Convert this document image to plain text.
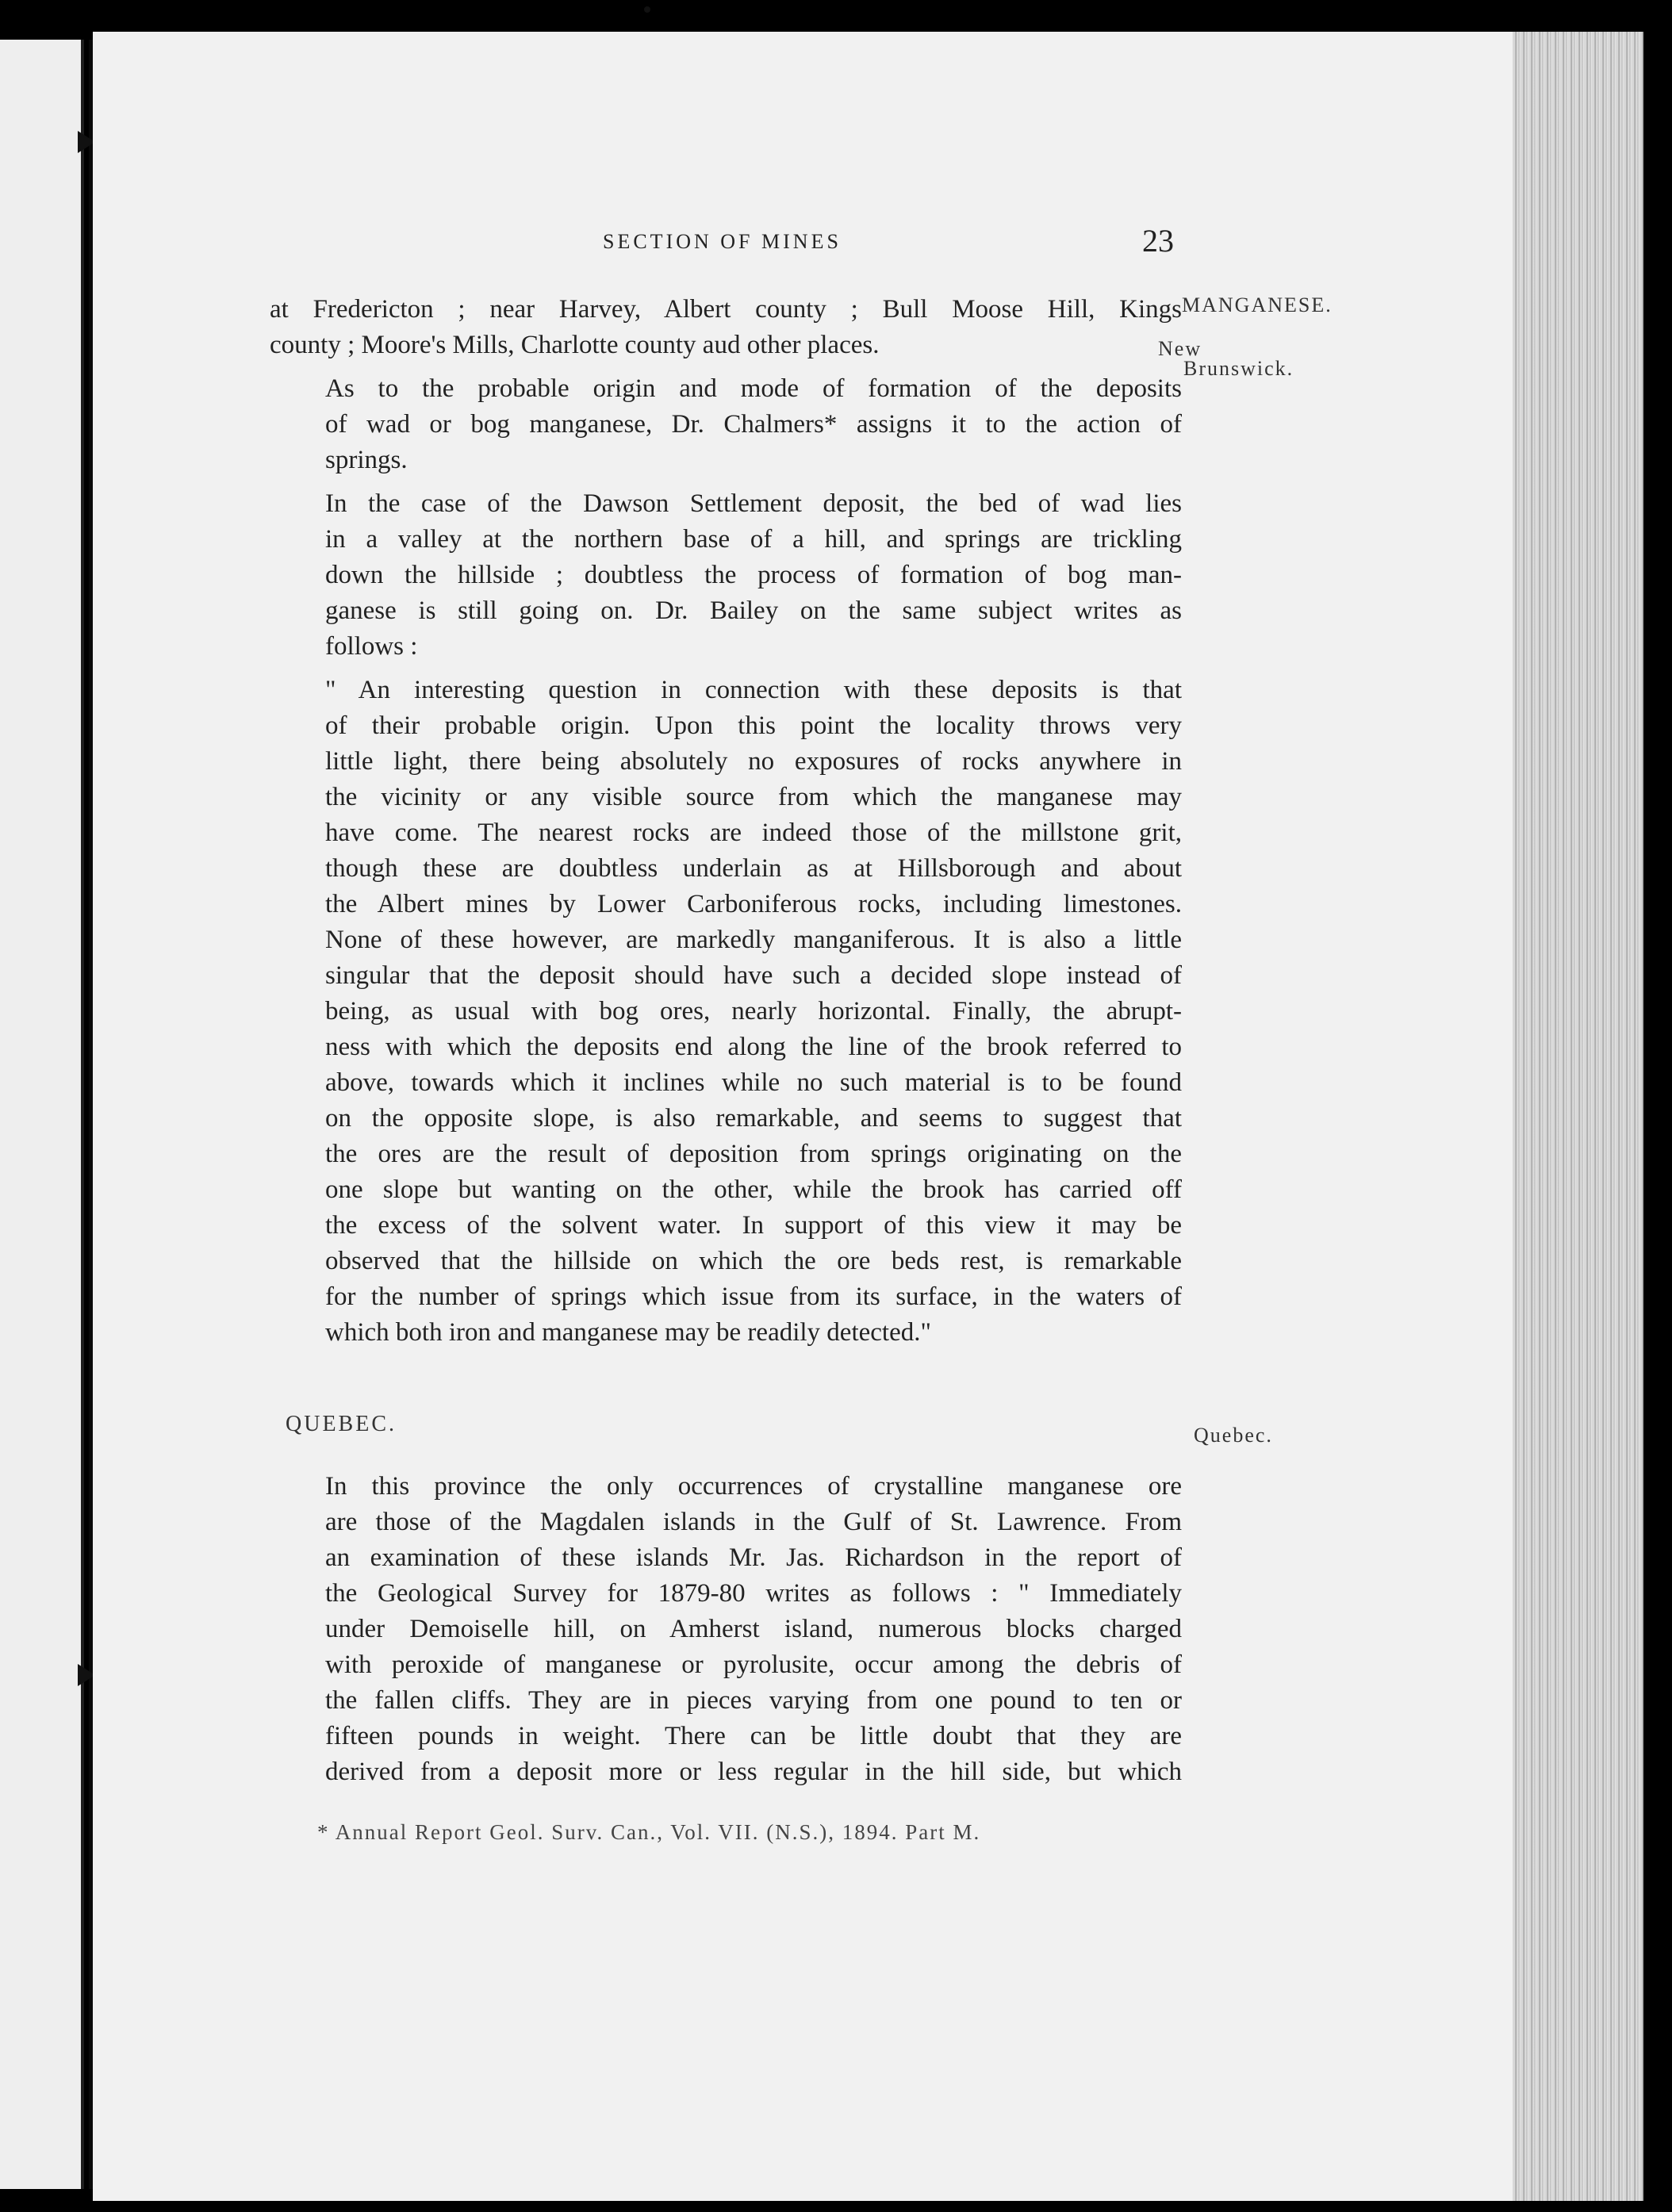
SECTION OF MINES	23
MANGANESE.
New
Brunswick.
Quebec.
at Fredericton ; near Harvey, Albert county ; Bull Moose Hill, Kings
county ; Moore's Mills, Charlotte county aud other places.
As to the probable origin and mode of formation of the deposits
of wad or bog manganese, Dr. Chalmers* assigns it to the action of
springs.
In the case of the Dawson Settlement deposit, the bed of wad lies
in a valley at the northern base of a hill, and springs are trickling
down the hillside ; doubtless the process of formation of bog man-
ganese is still going on. Dr. Bailey on the same subject writes as
follows :
" An interesting question in connection with these deposits is that
of their probable origin. Upon this point the locality throws very
little light, there being absolutely no exposures of rocks anywhere in
the vicinity or any visible source from which the manganese may
have come. The nearest rocks are indeed those of the millstone grit,
though these are doubtless underlain as at Hillsborough and about
the Albert mines by Lower Carboniferous rocks, including limestones.
None of these however, are markedly manganiferous. It is also a little
singular that the deposit should have such a decided slope instead of
being, as usual with bog ores, nearly horizontal. Finally, the abrupt-
ness with which the deposits end along the line of the brook referred to
above, towards which it inclines while no such material is to be found
on the opposite slope, is also remarkable, and seems to suggest that
the ores are the result of deposition from springs originating on the
one slope but wanting on the other, while the brook has carried off
the excess of the solvent water. In support of this view it may be
observed that the hillside on which the ore beds rest, is remarkable
for the number of springs which issue from its surface, in the waters of
which both iron and manganese may be readily detected."
QUEBEC.
In this province the only occurrences of crystalline manganese ore
are those of the Magdalen islands in the Gulf of St. Lawrence. From
an examination of these islands Mr. Jas. Richardson in the report of
the Geological Survey for 1879-80 writes as follows : " Immediately
under Demoiselle hill, on Amherst island, numerous blocks charged
with peroxide of manganese or pyrolusite, occur among the debris of
the fallen cliffs. They are in pieces varying from one pound to ten or
fifteen pounds in weight. There can be little doubt that they are
derived from a deposit more or less regular in the hill side, but which
* Annual Report Geol. Surv. Can., Vol. VII. (N.S.), 1894. Part M.
